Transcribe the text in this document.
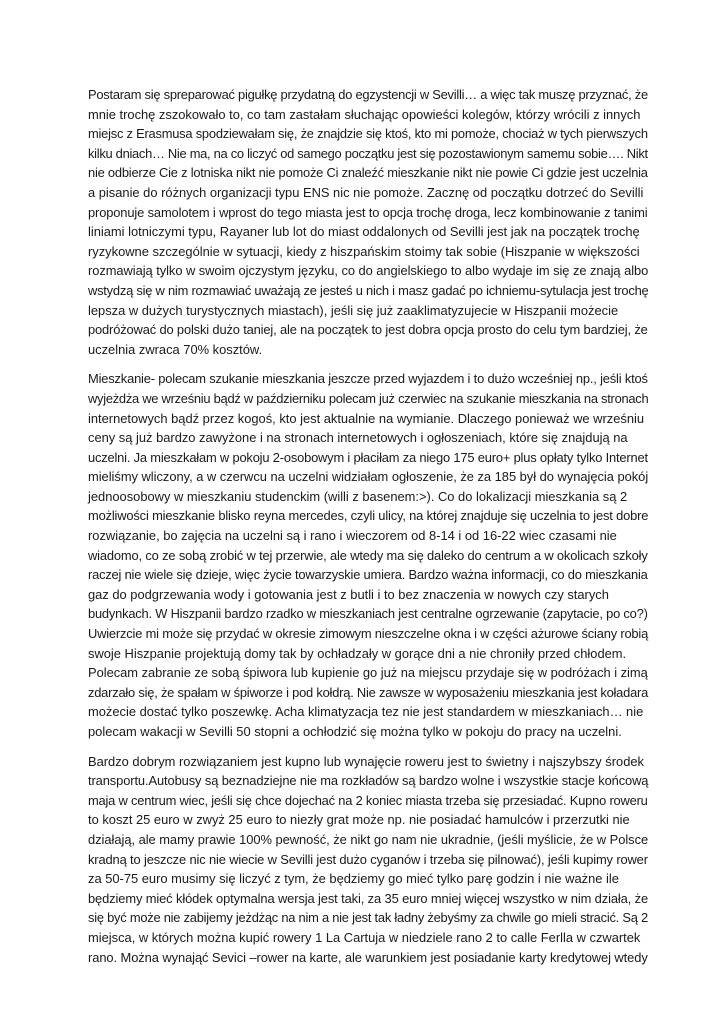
Postaram się spreparować pigułkę przydatną do egzystencji w Sevilli… a więc tak muszę przyznać, że
mnie trochę zszokowało to, co tam zastałam słuchając opowieści kolegów, którzy wrócili z innych
miejsc z Erasmusa spodziewałam się, że znajdzie się ktoś, kto mi pomoże, chociaż w tych pierwszych
kilku dniach… Nie ma, na co liczyć od samego początku jest się pozostawionym samemu sobie…. Nikt
nie odbierze Cie z lotniska nikt nie pomoże Ci znaleźć mieszkanie nikt nie powie Ci gdzie jest uczelnia
a pisanie do różnych organizacji typu ENS nic nie pomoże. Zacznę od początku dotrzeć do Sevilli
proponuje samolotem i wprost do tego miasta jest to opcja trochę droga, lecz kombinowanie z tanimi
liniami lotniczymi typu, Rayaner lub lot do miast oddalonych od Sevilli jest jak na początek trochę
ryzykowne szczególnie w sytuacji, kiedy z hiszpańskim stoimy tak sobie (Hiszpanie w większości
rozmawiają tylko w swoim ojczystym języku, co do angielskiego to albo wydaje im się ze znają albo
wstydzą się w nim rozmawiać uważają ze jesteś u nich i masz gadać po ichniemu-sytulacja jest trochę
lepsza w dużych turystycznych miastach), jeśli się już zaaklimatyzujecie w Hiszpanii możecie
podróżować do polski dużo taniej, ale na początek to jest dobra opcja prosto do celu tym bardziej, że
uczelnia zwraca 70% kosztów.
Mieszkanie- polecam szukanie mieszkania jeszcze przed wyjazdem i to dużo wcześniej np., jeśli ktoś
wyjeżdża we wrześniu bądź w październiku polecam już czerwiec na szukanie mieszkania na stronach
internetowych bądź przez kogoś, kto jest aktualnie na wymianie. Dlaczego ponieważ we wrześniu
ceny są już bardzo zawyżone i na stronach internetowych i ogłoszeniach, które się znajdują na
uczelni. Ja mieszkałam w pokoju 2-osobowym i płaciłam za niego 175 euro+ plus opłaty tylko Internet
mieliśmy wliczony, a w czerwcu na uczelni widziałam ogłoszenie, że za 185 był do wynajęcia pokój
jednoosobowy w mieszkaniu studenckim (willi z basenem:>). Co do lokalizacji mieszkania są 2
możliwości mieszkanie blisko reyna mercedes, czyli ulicy, na której znajduje się uczelnia to jest dobre
rozwiązanie, bo zajęcia na uczelni są i rano i wieczorem od 8-14 i od 16-22 wiec czasami nie
wiadomo, co ze sobą zrobić w tej przerwie, ale wtedy ma się daleko do centrum a w okolicach szkoły
raczej nie wiele się dzieje, więc życie towarzyskie umiera. Bardzo ważna informacji, co do mieszkania
gaz do podgrzewania wody i gotowania jest z butli i to bez znaczenia w nowych czy starych
budynkach. W Hiszpanii bardzo rzadko w mieszkaniach jest centralne ogrzewanie (zapytacie, po co?)
Uwierzcie mi może się przydać w okresie zimowym nieszczelne okna i w części ażurowe ściany robią
swoje Hiszpanie projektują domy tak by ochładzały w gorące dni a nie chroniły przed chłodem.
Polecam zabranie ze sobą śpiwora lub kupienie go już na miejscu przydaje się w podróżach i zimą
zdarzało się, że spałam w śpiworze i pod kołdrą. Nie zawsze w wyposażeniu mieszkania jest koładara
możecie dostać tylko poszewkę. Acha klimatyzacja tez nie jest standardem w mieszkaniach… nie
polecam wakacji w Sevilli 50 stopni a ochłodzić się można tylko w pokoju do pracy na uczelni.
Bardzo dobrym rozwiązaniem jest kupno lub wynajęcie roweru jest to świetny i najszybszy środek
transportu.Autobusy są beznadziejne nie ma rozkładów są bardzo wolne i wszystkie stacje końcową
maja w centrum wiec, jeśli się chce dojechać na 2 koniec miasta trzeba się przesiadać. Kupno roweru
to koszt 25 euro w zwyż 25 euro to niezły grat może np. nie posiadać hamulców i przerzutki nie
działają, ale mamy prawie 100% pewność, że nikt go nam nie ukradnie, (jeśli myślicie, że w Polsce
kradną to jeszcze nic nie wiecie w Sevilli jest dużo cyganów i trzeba się pilnować), jeśli kupimy rower
za 50-75 euro musimy się liczyć z tym, że będziemy go mieć tylko parę godzin i nie ważne ile
będziemy mieć kłódek optymalna wersja jest taki, za 35 euro mniej więcej wszystko w nim działa, że
się być może nie zabijemy jeżdżąc na nim a nie jest tak ładny żebyśmy za chwile go mieli stracić. Są 2
miejsca, w których można kupić rowery 1 La Cartuja w niedziele rano 2 to calle Ferlla w czwartek
rano. Można wynająć Sevici –rower na karte, ale warunkiem jest posiadanie karty kredytowej wtedy
